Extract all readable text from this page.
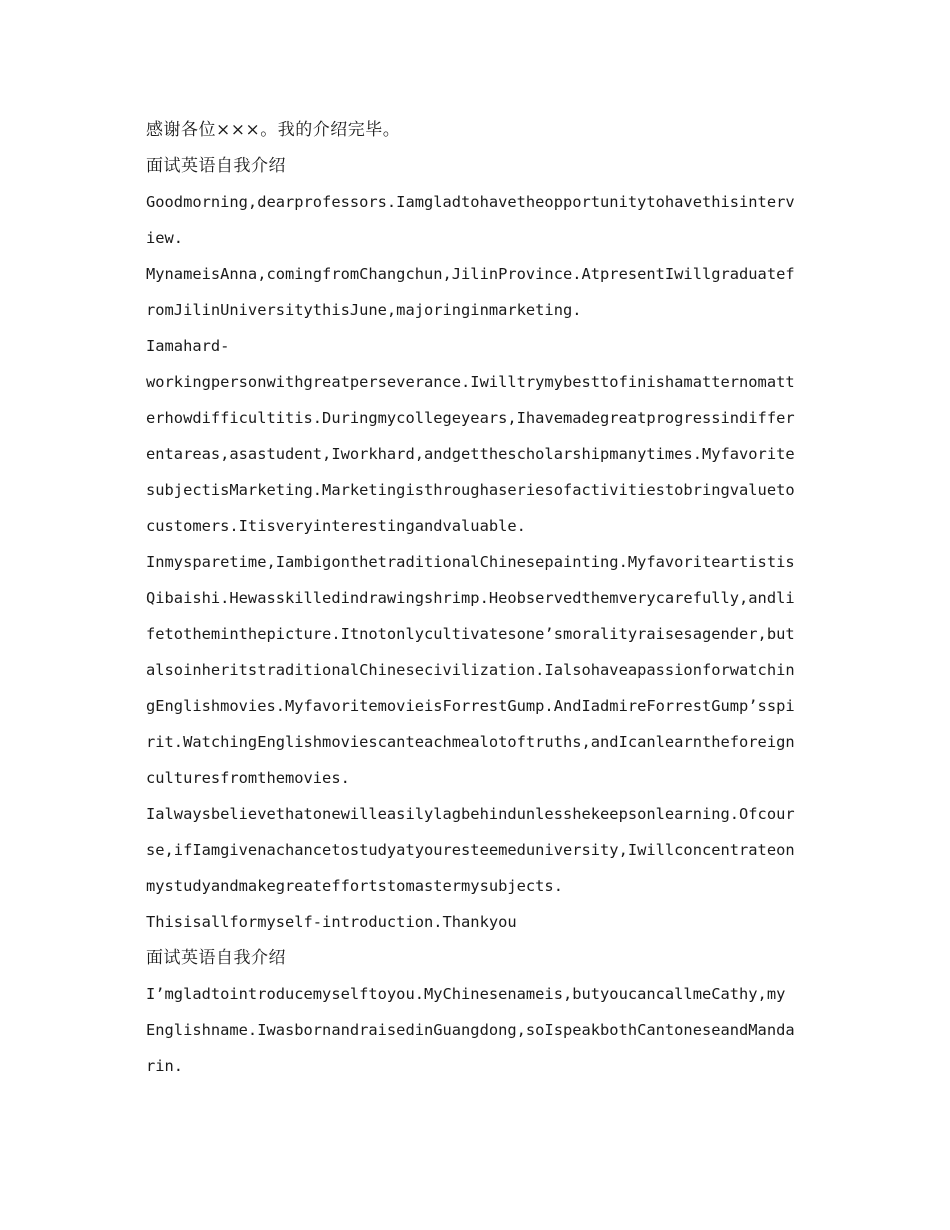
感谢各位×××。我的介绍完毕。
面试英语自我介绍
Goodmorning,dearprofessors.Iamgladtohavetheopportunitytohavethisinterv
iew.
MynameisAnna,comingfromChangchun,JilinProvince.AtpresentIwillgraduatef
romJilinUniversitythisJune,majoringinmarketing.
Iamahard-
workingpersonwithgreatperseverance.Iwilltrymybesttofinishamatternomatt
erhowdifficultitis.Duringmycollegeyears,Ihavemadegreatprogressindiffer
entareas,asastudent,Iworkhard,andgetthescholarshipmanytimes.Myfavorite
subjectisMarketing.Marketingisthroughaseriesofactivitiestobringvalueto
customers.Itisveryinterestingandvaluable.
Inmysparetime,IambigonthetraditionalChinesepainting.Myfavoriteartistis
Qibaishi.Hewasskilledindrawingshrimp.Heobservedthemverycarefully,andli
fetotheminthepicture.Itnotonlycultivatesone’smoralityraisesagender,but
alsoinheritstraditionalChinesecivilization.Ialsohaveapassionforwatchin
gEnglishmovies.MyfavoritemovieisForrestGump.AndIadmireForrestGump’sspi
rit.WatchingEnglishmoviescanteachmealotoftruths,andIcanlearntheforeign
culturesfromthemovies.
Ialwaysbelievethatonewilleasilylagbehindunlesshekeepsonlearning.Ofcour
se,ifIamgivenachancetostudyatyouresteemeduniversity,Iwillconcentrateon
mystudyandmakegreateffortstomastermysubjects.
Thisisallformyself-introduction.Thankyou
面试英语自我介绍
I’mgladtointroducemyselftoyou.MyChinesenameis,butyoucancallmeCathy,my
Englishname.IwasbornandraisedinGuangdong,soIspeakbothCantoneseandManda
rin.
